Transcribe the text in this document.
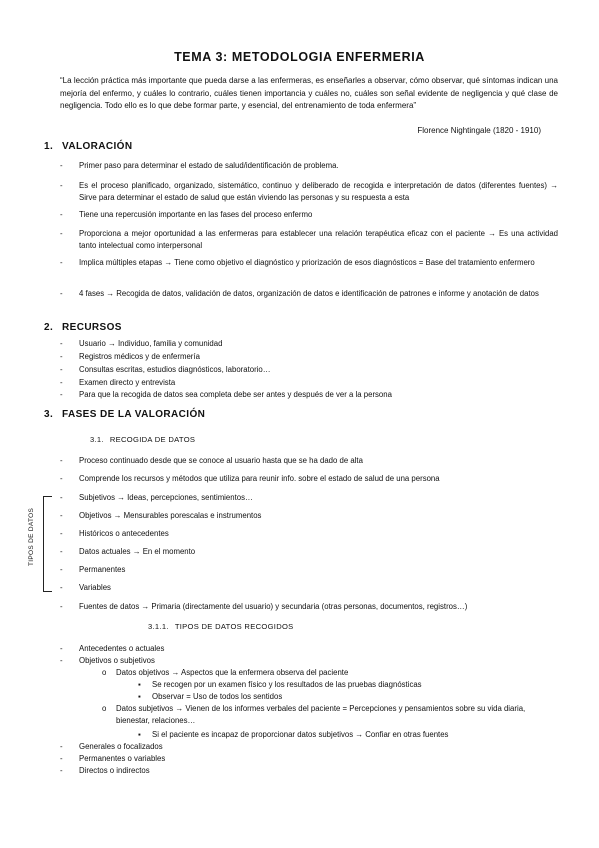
TEMA 3: METODOLOGIA ENFERMERIA
“La lección práctica más importante que pueda darse a las enfermeras, es enseñarles a observar, cómo observar, qué síntomas indican una mejoría del enfermo, y cuáles lo contrario, cuáles tienen importancia y cuáles no, cuáles son señal evidente de negligencia y qué clase de negligencia. Todo ello es lo que debe formar parte, y esencial, del entrenamiento de toda enfermera”
Florence Nightingale (1820 - 1910)
1. VALORACIÓN
- Primer paso para determinar el estado de salud/identificación de problema.
- Es el proceso planificado, organizado, sistemático, continuo y deliberado de recogida e interpretación de datos (diferentes fuentes) → Sirve para determinar el estado de salud que están viviendo las personas y su respuesta a esta
- Tiene una repercusión importante en las fases del proceso enfermo
- Proporciona a mejor oportunidad a las enfermeras para establecer una relación terapéutica eficaz con el paciente → Es una actividad tanto intelectual como interpersonal
- Implica múltiples etapas → Tiene como objetivo el diagnóstico y priorización de esos diagnósticos = Base del tratamiento enfermero
- 4 fases → Recogida de datos, validación de datos, organización de datos e identificación de patrones e informe y anotación de datos
2. RECURSOS
- Usuario → Individuo, familia y comunidad
- Registros médicos y de enfermería
- Consultas escritas, estudios diagnósticos, laboratorio…
- Examen directo y entrevista
- Para que la recogida de datos sea completa debe ser antes y después de ver a la persona
3. FASES DE LA VALORACIÓN
3.1. RECOGIDA DE DATOS
- Proceso continuado desde que se conoce al usuario hasta que se ha dado de alta
- Comprende los recursos y métodos que utiliza para reunir info. sobre el estado de salud de una persona
TIPOS DE DATOS
- Subjetivos → Ideas, percepciones, sentimientos…
- Objetivos → Mensurables porescalas e instrumentos
- Históricos o antecedentes
- Datos actuales → En el momento
- Permanentes
- Variables
- Fuentes de datos → Primaria (directamente del usuario) y secundaria (otras personas, documentos, registros…)
3.1.1. TIPOS DE DATOS RECOGIDOS
- Antecedentes o actuales
- Objetivos o subjetivos
o Datos objetivos → Aspectos que la enfermera observa del paciente
▪ Se recogen por un examen físico y los resultados de las pruebas diagnósticas
▪ Observar = Uso de todos los sentidos
o Datos subjetivos → Vienen de los informes verbales del paciente = Percepciones y pensamientos sobre su vida diaria, bienestar, relaciones…
▪ Si el paciente es incapaz de proporcionar datos subjetivos → Confiar en otras fuentes
- Generales o focalizados
- Permanentes o variables
- Directos o indirectos
